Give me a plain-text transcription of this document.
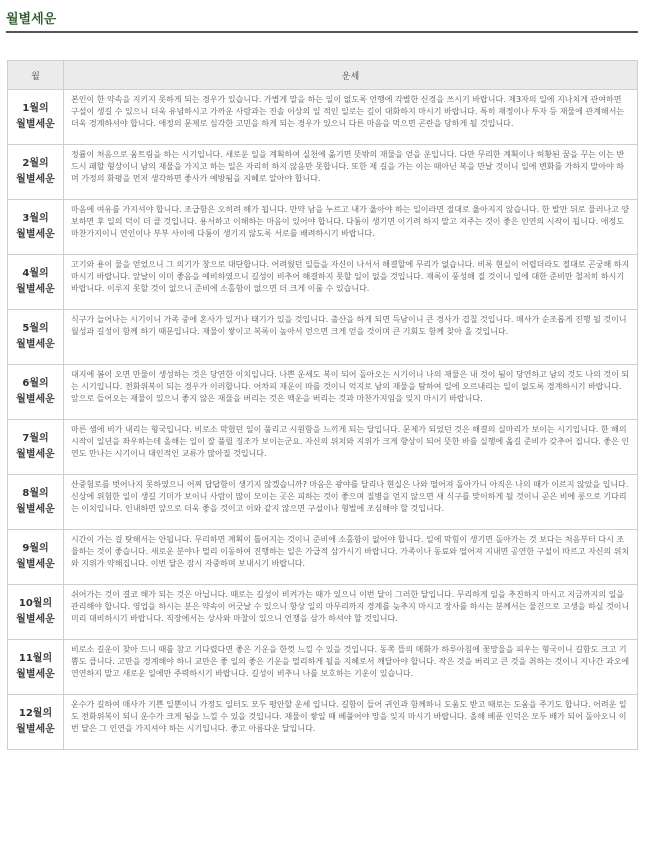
월별세운
월	운세
1월의
월별세운	본인이 한 약속을 지키지 못하게 되는 경우가 있습니다. 가볍게 말을 하는 일이 없도록 언행에 각별한 신경을 쓰시기 바랍니다. 제3자의 일에 지나치게 관여하면 구설이 생길 수 있으니 더욱 유념하시고 가까운 사람과는 진솔 이상의 일 적인 일로는 깊이 대화하지 마시기 바랍니다. 특히 재정이나 투자 등 재물에 관계해서는 더욱 경계하셔야 합니다. 애정의 문제로 심각한 고민을 하게 되는 경우가 있으니 다른 마음을 먹으면 곤란을 당하게 될 것입니다.
2월의
월별세운	정률이 처음으로 움트림을 하는 시기입니다. 새로운 일을 계획하여 실천에 옮기면 뜻밖의 재물을 얻을 운입니다. 다만 무리한 계획이나 허황된 꿈을 꾸는 이는 반드시 패할 형상이니 남의 재물을 가지고 하는 일은 자리히 하지 않음만 못합니다. 또한 제 길을 가는 이는 때아닌 복을 만날 것이니 일에 변화를 가하지 말아야 하며 가정의 화평을 먼저 생각하면 좋사가 예방됨을 지혜로 알아야 합니다.
3월의
월별세운	마음에 여유를 가지셔야 합니다. 조급함은 오히려 해가 됩니다. 만약 남을 누르고 내가 옳아야 하는 일이라면 절대로 옳아지지 않습니다. 한 발만 뒤로 물러나고 양보하면 후 일의 덕이 더 클 것입니다. 용서하고 이해하는 마음이 있어야 합니다. 다툼이 생기면 이기려 하지 말고 져주는 것이 좋은 인연의 시작이 됩니다. 애정도 마찬가지이니 연인이나 부부 사이에 다툼이 생기지 않도록 서로를 배려하시기 바랍니다.
4월의
월별세운	고기와 용이 물을 얻었으니 그 의기가 창으로 대단합니다. 어려웠던 일들을 자신이 나서서 해결할에 무리가 없습니다. 비록 현실이 어렵더라도 절대로 곤궁해 하지 마시기 바랍니다. 앞날이 이미 좋음을 예비하였으니 길성이 비추어 해결하지 못할 일이 없을 것입니다. 재록이 풍성해 질 것이니 일에 대한 준비만 철저히 하시기 바랍니다. 이루지 못할 것이 없으니 준비에 소홀함이 없으면 더 크게 이룰 수 있습니다.
5월의
월별세운	식구가 늘어나는 시기이니 가족 중에 혼사가 있거나 태기가 있을 것입니다. 출산을 하게 되면 득남이니 큰 경사가 겹칠 것입니다. 매사가 순조롭게 진행 될 것이니 월성과 길성이 함께 하기 때문입니다. 재물이 쌓이고 복록이 높아서 얻으면 크게 얻을 것이며 큰 기회도 함께 찾아 올 것입니다.
6월의
월별세운	대지에 봄이 오면 만물이 생성하는 것은 당연한 이치입니다. 나쁜 운세도 복이 되어 돌아오는 시기이니 나의 재물은 내 것이 됨이 당연하고 남의 것도 나의 것이 되는 시기입니다. 전화위복이 되는 경우가 이러합니다. 어차피 재운이 따를 것이니 억지로 남의 재물을 탐하여 일에 오르내리는 일이 없도록 경계하시기 바랍니다. 앞으로 들어오는 재물이 있으니 좋지 않은 재물을 버리는 것은 액운을 버리는 것과 마찬가지임을 잊지 마시기 바랍니다.
7월의
월별세운	마른 샘에 비가 내리는 형국입니다. 비로소 막혔던 일이 풀리고 시원함을 느끼게 되는 달입니다. 문제가 되었던 것은 해결의 실마리가 보이는 시기입니다. 한 해의 시작이 일년을 좌우하는데 올해는 일이 잘 풀릴 징조가 보이는군요. 자신의 위치와 지위가 크게 향상이 되어 뜻한 바를 실행에 옮길 준비가 갖추어 집니다. 좋은 인연도 만나는 시기이니 대인적인 교류가 많아질 것입니다.
8월의
월별세운	산중험로를 벗어나지 못하였으니 어찌 답답함이 생기지 않겠습니까? 마음은 광야를 달리나 현실은 나와 떨어져 돌아가니 아직은 나의 때가 이르지 않았을 입니다. 신상에 위험한 일이 생길 기미가 보이니 사람이 많이 모이는 곳은 피하는 것이 좋으며 질병을 얻지 않으면 새 식구를 맞이하게 될 것이니 곧은 비에 롱으로 기다리는 이치입니다. 인내하면 앞으로 더욱 좋을 것이고 이와 같지 않으면 구설이나 형벌에 조심해야 할 것입니다.
9월의
월별세운	시간이 가는 걸 탓해서는 안됩니다. 무리하면 계획이 틀어지는 것이니 준비에 소홀함이 없어야 합니다. 일에 막힘이 생기면 돌아가는 것 보다는 처음부터 다시 조율하는 것이 좋습니다. 새로운 분야나 멀리 이동하여 진행하는 일은 가급적 삼가시기 바랍니다. 가족이나 동료와 떨어져 지내면 공연한 구설이 따르고 자신의 위치와 지위가 약해집니다. 이번 달은 잠시 자중하며 보내시기 바랍니다.
10월의
월별세운	쉬어가는 것이 결코 해가 되는 것은 아닙니다. 때로는 길성이 비켜가는 때가 있으니 이번 달이 그러한 달입니다. 무리하게 일을 추진하지 마시고 지금까지의 일을 관리해야 합니다. 영업을 하시는 분은 약속이 어긋날 수 있으니 항상 일의 마무리까지 경계를 늦추지 마시고 장사를 하시는 분께서는 물건으로 고생을 하실 것이니 미리 대비하시기 바랍니다. 직장에서는 상사와 마찰이 있으니 언쟁을 삼가 하셔야 할 것입니다.
11월의
월별세운	비로소 길운이 찾아 드니 때를 참고 기다렸다면 좋은 기운을 한껏 느낄 수 있을 것입니다. 동쪽 뜰의 매화가 하루아침에 꽃망울을 피우는 형국이니 길함도 크고 기쁨도 큽니다. 고만을 경계해야 하니 교만은 좋 일의 좋은 기운을 멀리하게 될을 지혜로서 깨달아야 합니다. 작은 것을 버리고 큰 것을 취하는 것이니 지나간 과오에 연연하지 말고 새로운 일에만 주력하시기 바랍니다. 길성이 비추니 나를 보호하는 기운이 있습니다.
12월의
월별세운	운수가 길하여 매사가 기쁜 일뿐이니 가정도 일터도 모두 평안할 운세 입니다. 길함이 들어 귀인과 함께하니 도움도 받고 때로는 도움을 주기도 합니다. 어려운 일도 전화위복이 되니 운수가 크게 됨을 느낄 수 있을 것입니다. 재물이 쌓일 때 베풀어야 망을 잊지 마시기 바랍니다. 올해 베푼 인덕은 모두 배가 되어 돌아오니 이번 달은 그 인연을 가지셔야 하는 시기입니다. 좋고 아름다운 달입니다.
